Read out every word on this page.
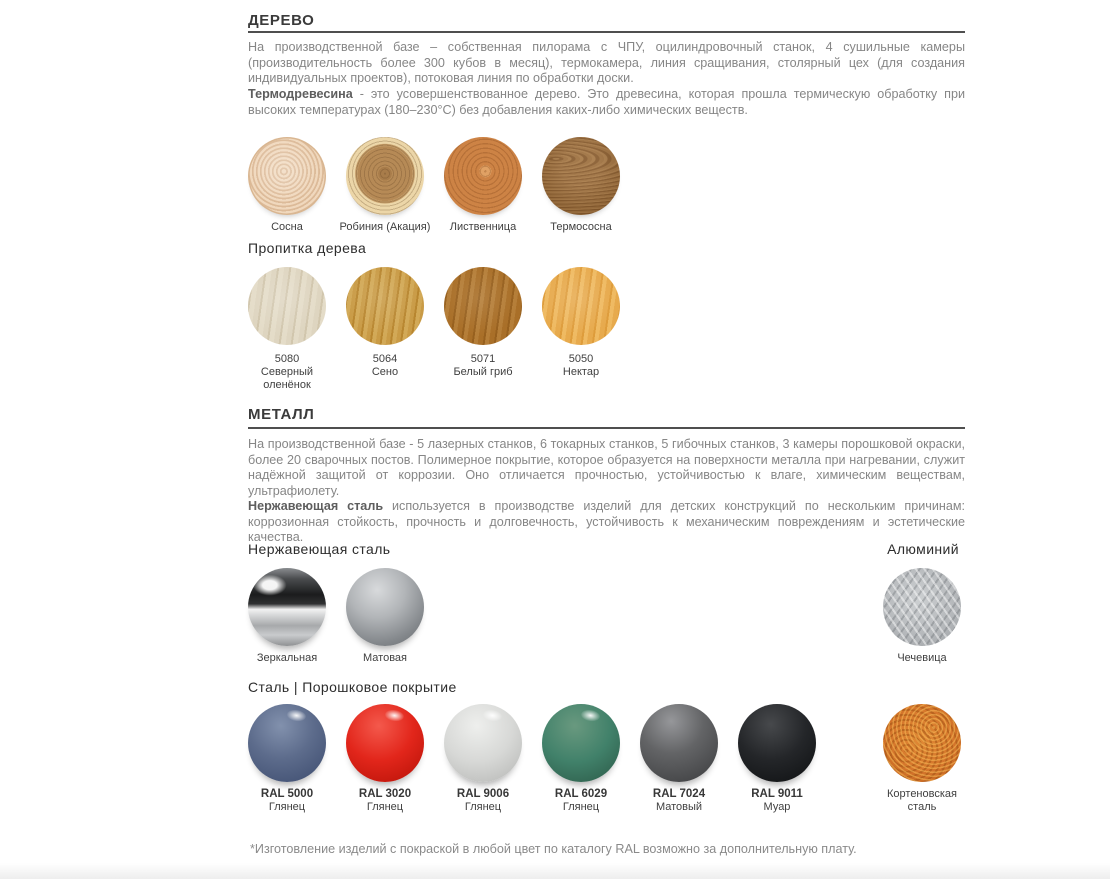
ДЕРЕВО

На производственной базе – собственная пилорама с ЧПУ, оцилиндровочный станок, 4 сушильные камеры (производительность более 300 кубов в месяц), термокамера, линия сращивания, столярный цех (для создания индивидуальных проектов), потоковая линия по обработки доски.

Термодревесина - это усовершенствованное дерево. Это древесина, которая прошла термическую обработку при высоких температурах (180–230°С) без добавления каких-либо химических веществ.

Сосна	Робиния (Акация) Лиственница	Термососна
Пропитка дерева
5080
Северный оленёнок
5064
Сено
5071
Белый гриб
5050
Нектар
МЕТАЛЛ

На производственной базе - 5 лазерных станков, 6 токарных станков, 5 гибочных станков, 3 камеры порошковой окраски, более 20 сварочных постов. Полимерное покрытие, которое образуется на поверхности металла при нагревании, служит надёжной защитой от коррозии. Оно отличается прочностью, устойчивостью к влаге, химическим веществам, ультрафиолету.

Нержавеющая сталь используется в производстве изделий для детских конструкций по нескольким причинам: коррозионная стойкость, прочность и долговечность, устойчивость к механическим повреждениям и эстетические качества.

Нержавеющая сталь	Алюминий
Зеркальная	Матовая	Чечевица
Сталь | Порошковое покрытие
RAL 5000
Глянец
RAL 3020
Глянец
RAL 9006
Глянец
RAL 6029
Глянец
RAL 7024
Матовый
RAL 9011
Муар
Кортеновская сталь

*Изготовление изделий с покраской в любой цвет по каталогу RAL возможно за дополнительную плату.
